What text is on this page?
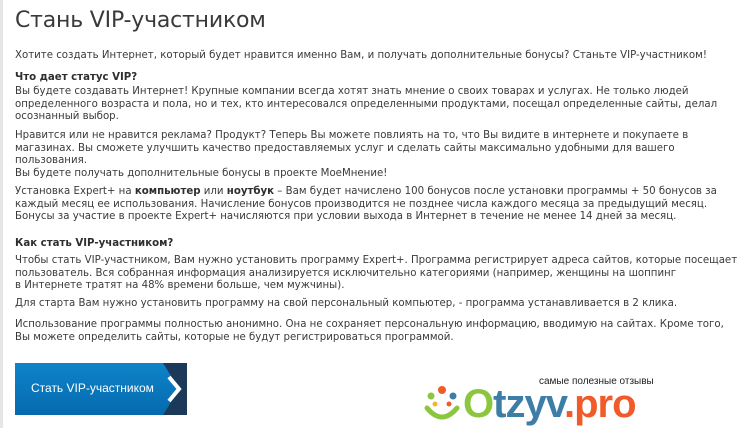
Стань VIP-участником
Хотите создать Интернет, который будет нравится именно Вам, и получать дополнительные бонусы? Станьте VIP-участником!
Что дает статус VIP?
Вы будете создавать Интернет! Крупные компании всегда хотят знать мнение о своих товарах и услугах. Не только людей
определенного возраста и пола, но и тех, кто интересовался определенными продуктами, посещал определенные сайты, делал
осознанный выбор.
Нравится или не нравится реклама? Продукт? Теперь Вы можете повлиять на то, что Вы видите в интернете и покупаете в
магазинах. Вы сможете улучшить качество предоставляемых услуг и сделать сайты максимально удобными для вашего
пользования.
Вы будете получать дополнительные бонусы в проекте МоеМнение!
Установка Expert+ на компьютер или ноутбук – Вам будет начислено 100 бонусов после установки программы + 50 бонусов за
каждый месяц ее использования. Начисление бонусов производится не позднее числа каждого месяца за предыдущий месяц.
Бонусы за участие в проекте Expert+ начисляются при условии выхода в Интернет в течение не менее 14 дней за месяц.
Как стать VIP-участником?
Чтобы стать VIP-участником, Вам нужно установить программу Expert+. Программа регистрирует адреса сайтов, которые посещает
пользователь. Вся собранная информация анализируется исключительно категориями (например, женщины на шоппинг
в Интернете тратят на 48% времени больше, чем мужчины).
Для старта Вам нужно установить программу на свой персональный компьютер, - программа устанавливается в 2 клика.
Использование программы полностью анонимно. Она не сохраняет персональную информацию, вводимую на сайтах. Кроме того,
Вы можете определить сайты, которые не будут регистрироваться программой.
Стать VIP-участником	самые полезные отзывы
Otzyv.pro
